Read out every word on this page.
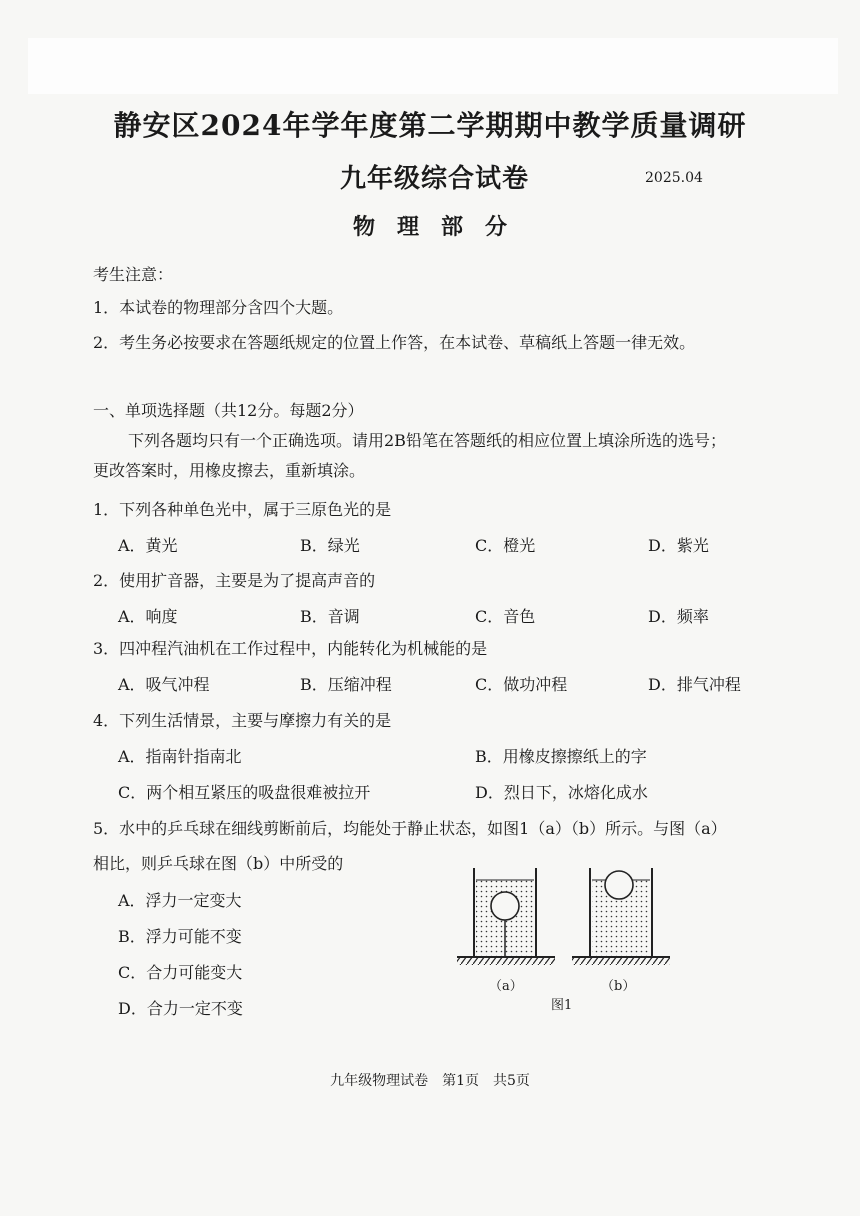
静安区2024年学年度第二学期期中教学质量调研
九年级综合试卷	2025.04
物理部分
考生注意：
1．本试卷的物理部分含四个大题。
2．考生务必按要求在答题纸规定的位置上作答，在本试卷、草稿纸上答题一律无效。
一、单项选择题（共12分。每题2分）
下列各题均只有一个正确选项。请用2B铅笔在答题纸的相应位置上填涂所选的选号；
更改答案时，用橡皮擦去，重新填涂。
1．下列各种单色光中，属于三原色光的是
A．黄光	B．绿光	C．橙光	D．紫光
2．使用扩音器，主要是为了提高声音的
A．响度	B．音调	C．音色	D．频率
3．四冲程汽油机在工作过程中，内能转化为机械能的是
A．吸气冲程	B．压缩冲程	C．做功冲程	D．排气冲程
4．下列生活情景，主要与摩擦力有关的是
A．指南针指南北	B．用橡皮擦擦纸上的字
C．两个相互紧压的吸盘很难被拉开	D．烈日下，冰熔化成水
5．水中的乒乓球在细线剪断前后，均能处于静止状态，如图1（a）（b）所示。与图（a）
相比，则乒乓球在图（b）中所受的
A．浮力一定变大
B．浮力可能不变
C．合力可能变大
D．合力一定不变
（a）	（b）
图1
九年级物理试卷　第1页　共5页
